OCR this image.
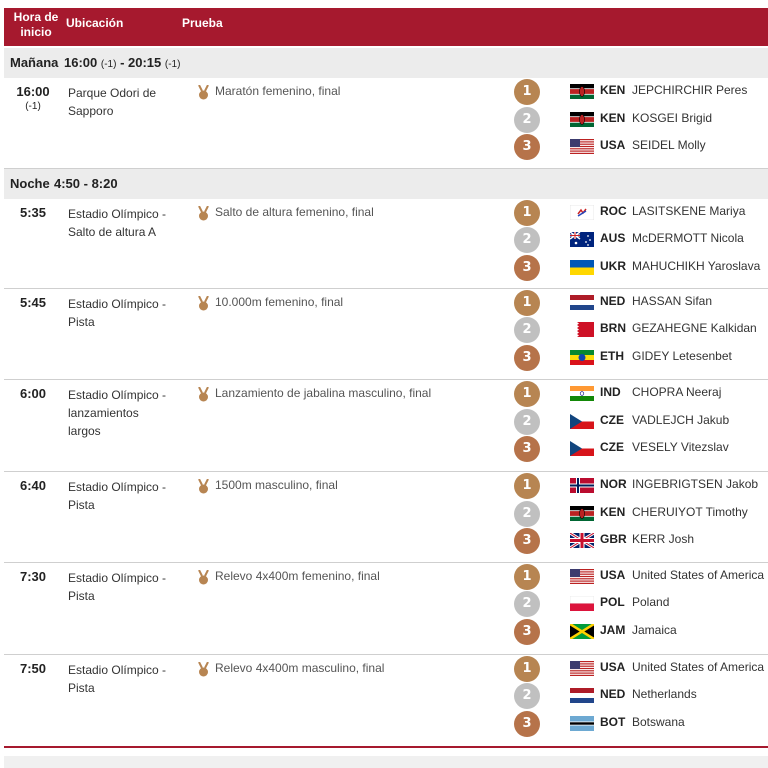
Hora de
inicio
Ubicación	Prueba
Mañana 16:00 (-1) - 20:15 (-1)
16:00
(-1)
Parque Odori de
Sapporo
Maratón femenino, final	1	KEN JEPCHIRCHIR Peres
2	KEN KOSGEI Brigid
3	USA SEIDEL Molly
Noche 4:50 - 8:20
5:35	Estadio Olímpico -
Salto de altura A
Salto de altura femenino, final	1	ROC LASITSKENE Mariya
2	AUS McDERMOTT Nicola
3	UKR MAHUCHIKH Yaroslava
5:45	Estadio Olímpico -
Pista
10.000m femenino, final	1	NED HASSAN Sifan
2	BRN GEZAHEGNE Kalkidan
3	ETH GIDEY Letesenbet
6:00	Estadio Olímpico -
lanzamientos
largos
Lanzamiento de jabalina masculino, final	1	IND CHOPRA Neeraj
2	CZE VADLEJCH Jakub
3	CZE VESELY Vitezslav
6:40	Estadio Olímpico -
Pista
1500m masculino, final	1	NOR INGEBRIGTSEN Jakob
2	KEN CHERUIYOT Timothy
3	GBR KERR Josh
7:30	Estadio Olímpico -
Pista
Relevo 4x400m femenino, final	1	USA United States of America
2	POL Poland
3	JAM Jamaica
7:50	Estadio Olímpico -
Pista
Relevo 4x400m masculino, final	1	USA United States of America
2	NED Netherlands
3	BOT Botswana
